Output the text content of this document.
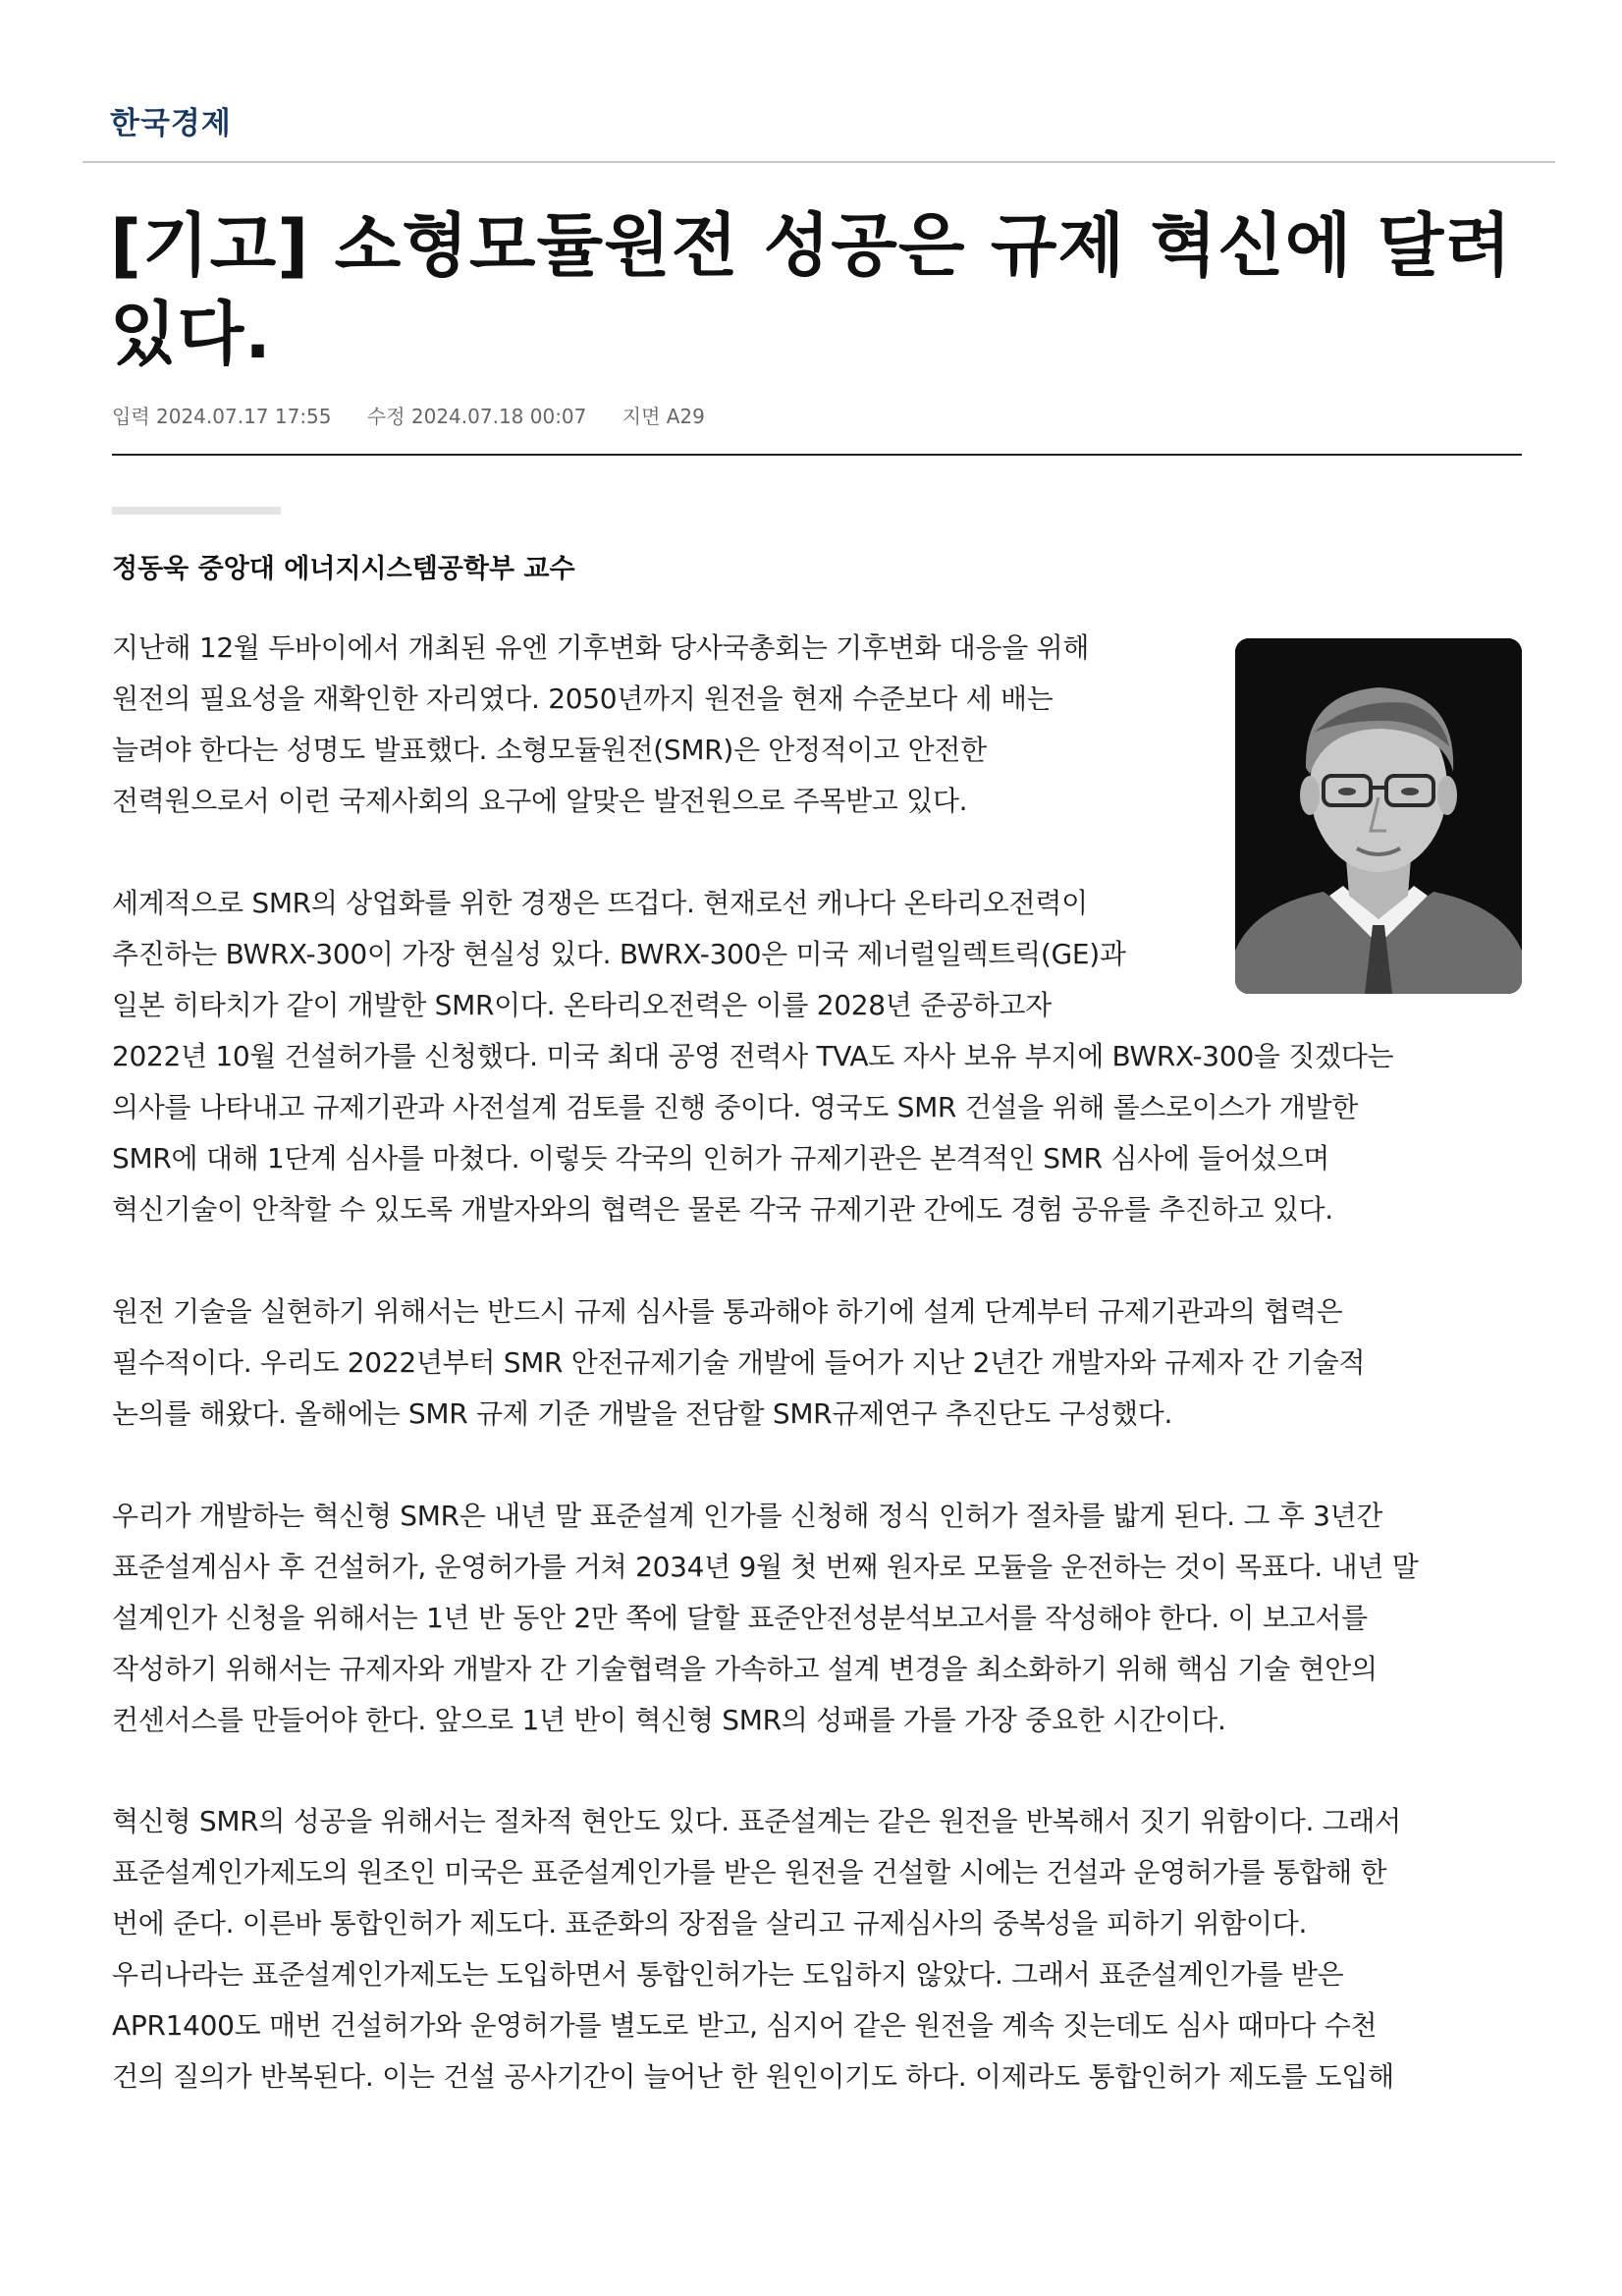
한국경제
[기고] 소형모듈원전 성공은 규제 혁신에 달려
있다.
입력 2024.07.17 17:55 수정 2024.07.18 00:07 지면 A29
정동욱 중앙대 에너지시스템공학부 교수
지난해 12월 두바이에서 개최된 유엔 기후변화 당사국총회는 기후변화 대응을 위해
원전의 필요성을 재확인한 자리였다. 2050년까지 원전을 현재 수준보다 세 배는
늘려야 한다는 성명도 발표했다. 소형모듈원전(SMR)은 안정적이고 안전한
전력원으로서 이런 국제사회의 요구에 알맞은 발전원으로 주목받고 있다.
세계적으로 SMR의 상업화를 위한 경쟁은 뜨겁다. 현재로선 캐나다 온타리오전력이
추진하는 BWRX-300이 가장 현실성 있다. BWRX-300은 미국 제너럴일렉트릭(GE)과
일본 히타치가 같이 개발한 SMR이다. 온타리오전력은 이를 2028년 준공하고자
2022년 10월 건설허가를 신청했다. 미국 최대 공영 전력사 TVA도 자사 보유 부지에 BWRX-300을 짓겠다는
의사를 나타내고 규제기관과 사전설계 검토를 진행 중이다. 영국도 SMR 건설을 위해 롤스로이스가 개발한
SMR에 대해 1단계 심사를 마쳤다. 이렇듯 각국의 인허가 규제기관은 본격적인 SMR 심사에 들어섰으며
혁신기술이 안착할 수 있도록 개발자와의 협력은 물론 각국 규제기관 간에도 경험 공유를 추진하고 있다.
원전 기술을 실현하기 위해서는 반드시 규제 심사를 통과해야 하기에 설계 단계부터 규제기관과의 협력은
필수적이다. 우리도 2022년부터 SMR 안전규제기술 개발에 들어가 지난 2년간 개발자와 규제자 간 기술적
논의를 해왔다. 올해에는 SMR 규제 기준 개발을 전담할 SMR규제연구 추진단도 구성했다.
우리가 개발하는 혁신형 SMR은 내년 말 표준설계 인가를 신청해 정식 인허가 절차를 밟게 된다. 그 후 3년간
표준설계심사 후 건설허가, 운영허가를 거쳐 2034년 9월 첫 번째 원자로 모듈을 운전하는 것이 목표다. 내년 말
설계인가 신청을 위해서는 1년 반 동안 2만 쪽에 달할 표준안전성분석보고서를 작성해야 한다. 이 보고서를
작성하기 위해서는 규제자와 개발자 간 기술협력을 가속하고 설계 변경을 최소화하기 위해 핵심 기술 현안의
컨센서스를 만들어야 한다. 앞으로 1년 반이 혁신형 SMR의 성패를 가를 가장 중요한 시간이다.
혁신형 SMR의 성공을 위해서는 절차적 현안도 있다. 표준설계는 같은 원전을 반복해서 짓기 위함이다. 그래서
표준설계인가제도의 원조인 미국은 표준설계인가를 받은 원전을 건설할 시에는 건설과 운영허가를 통합해 한
번에 준다. 이른바 통합인허가 제도다. 표준화의 장점을 살리고 규제심사의 중복성을 피하기 위함이다.
우리나라는 표준설계인가제도는 도입하면서 통합인허가는 도입하지 않았다. 그래서 표준설계인가를 받은
APR1400도 매번 건설허가와 운영허가를 별도로 받고, 심지어 같은 원전을 계속 짓는데도 심사 때마다 수천
건의 질의가 반복된다. 이는 건설 공사기간이 늘어난 한 원인이기도 하다. 이제라도 통합인허가 제도를 도입해
